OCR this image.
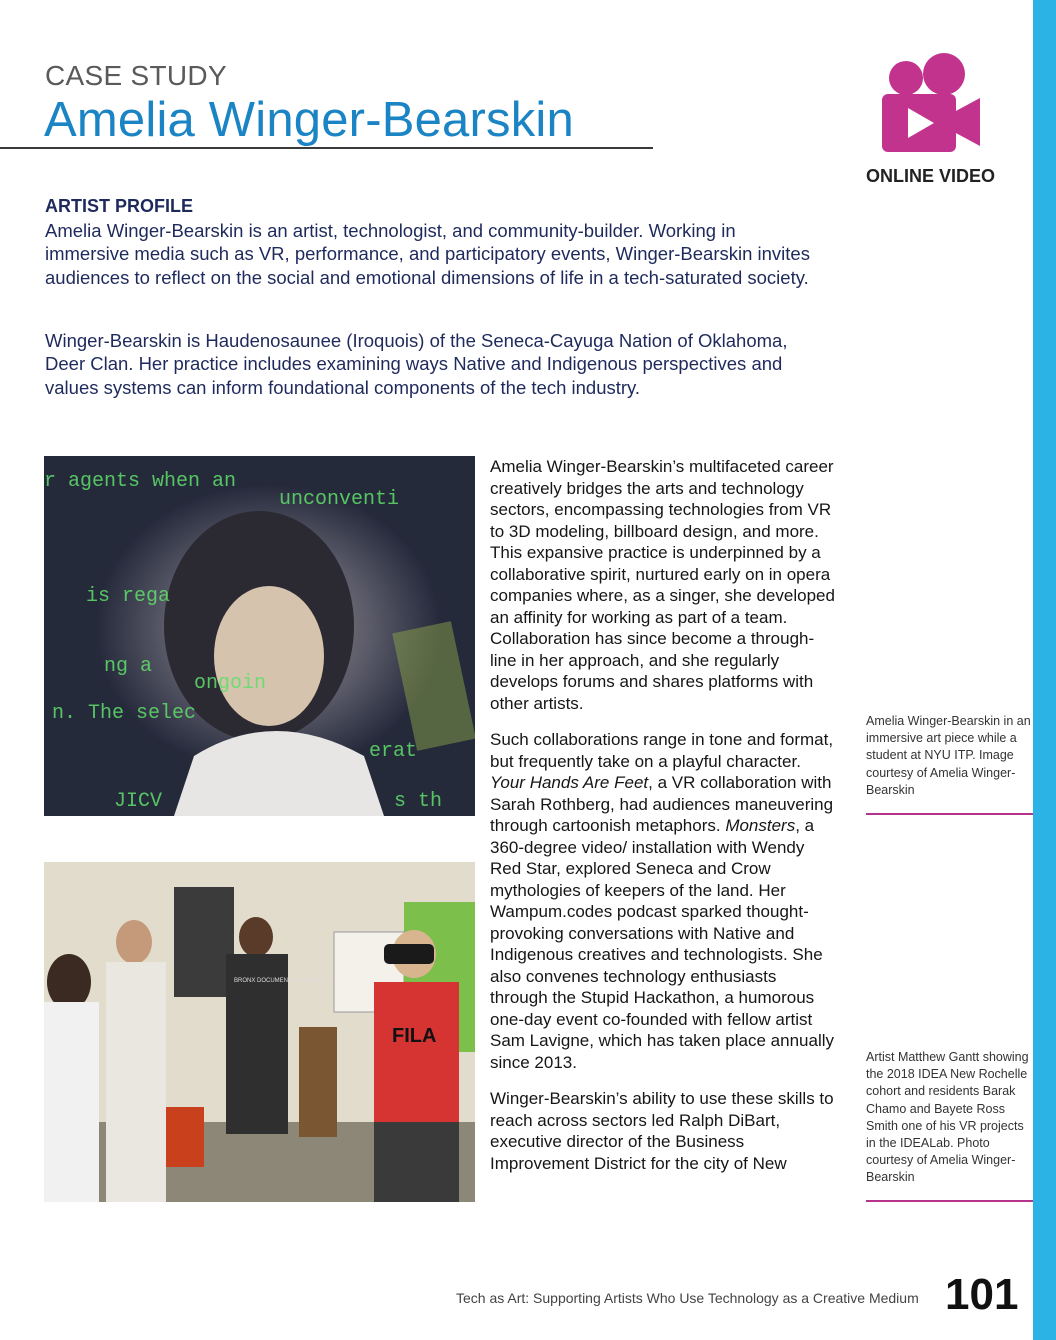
CASE STUDY
Amelia Winger-Bearskin
ONLINE VIDEO
ARTIST PROFILE

Amelia Winger-Bearskin is an artist, technologist, and community-builder. Working in immersive media such as VR, performance, and participatory events, Winger-Bearskin invites audiences to reflect on the social and emotional dimensions of life in a tech-saturated society.

Winger-Bearskin is Haudenosaunee (Iroquois) of the Seneca-Cayuga Nation of Oklahoma, Deer Clan. Her practice includes examining ways Native and Indigenous perspectives and values systems can inform foundational components of the tech industry.

r agents when an
unconventi
is rega
ng a
ongoin
n. The selec
erat
JICV	s th
BRONX DOCUMENTARY CENTER
FILA

Amelia Winger-Bearskin’s multifaceted career creatively bridges the arts and technology sectors, encompassing technologies from VR to 3D modeling, billboard design, and more. This expansive practice is underpinned by a collaborative spirit, nurtured early on in opera companies where, as a singer, she developed an affinity for working as part of a team. Collaboration has since become a through-line in her approach, and she regularly develops forums and shares platforms with other artists.

Such collaborations range in tone and format, but frequently take on a playful character. Your Hands Are Feet, a VR collaboration with Sarah Rothberg, had audiences maneuvering through cartoonish metaphors. Monsters, a 360-degree video/ installation with Wendy Red Star, explored Seneca and Crow mythologies of keepers of the land. Her Wampum.codes podcast sparked thought-provoking conversations with Native and Indigenous creatives and technologists. She also convenes technology enthusiasts through the Stupid Hackathon, a humorous one-day event co-founded with fellow artist Sam Lavigne, which has taken place annually since 2013.

Winger-Bearskin’s ability to use these skills to reach across sectors led Ralph DiBart, executive director of the Business Improvement District for the city of New

Amelia Winger-Bearskin in an immersive art piece while a student at NYU ITP. Image courtesy of Amelia Winger-Bearskin
Artist Matthew Gantt showing the 2018 IDEA New Rochelle cohort and residents Barak Chamo and Bayete Ross Smith one of his VR projects in the IDEALab. Photo courtesy of Amelia Winger-Bearskin
Tech as Art: Supporting Artists Who Use Technology as a Creative Medium 101
